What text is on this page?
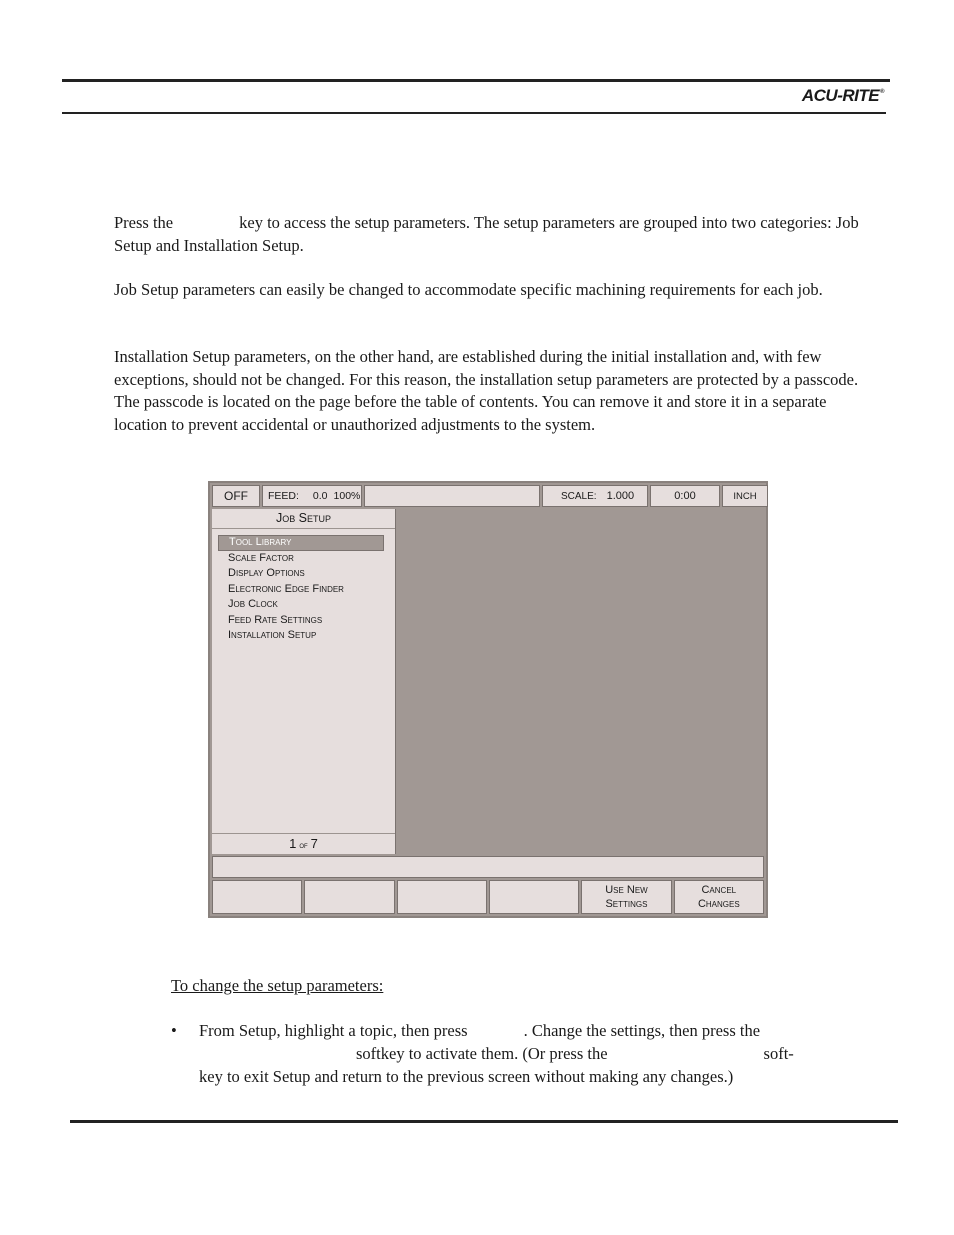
ACU-RITE®

Press the	key to access the setup parameters. The setup parameters are grouped into two categories: Job Setup and Installation Setup.

Job Setup parameters can easily be changed to accommodate specific machining requirements for each job.

Installation Setup parameters, on the other hand, are established during the initial installation and, with few exceptions, should not be changed. For this reason, the installation setup parameters are protected by a passcode. The passcode is located on the page before the table of contents. You can remove it and store it in a separate location to prevent accidental or unauthorized adjustments to the system.

OFF	FEED: 0.0 100%	SCALE: 1.000	0:00	INCH
Job Setup
Tool Library
Scale Factor
Display Options
Electronic Edge Finder
Job Clock
Feed Rate Settings
Installation Setup
1 of 7
Use New
Settings
Cancel
Changes

To change the setup parameters:

•	From Setup, highlight a topic, then press	. Change the settings, then press the

softkey to activate them. (Or press the	soft-

key to exit Setup and return to the previous screen without making any changes.)
